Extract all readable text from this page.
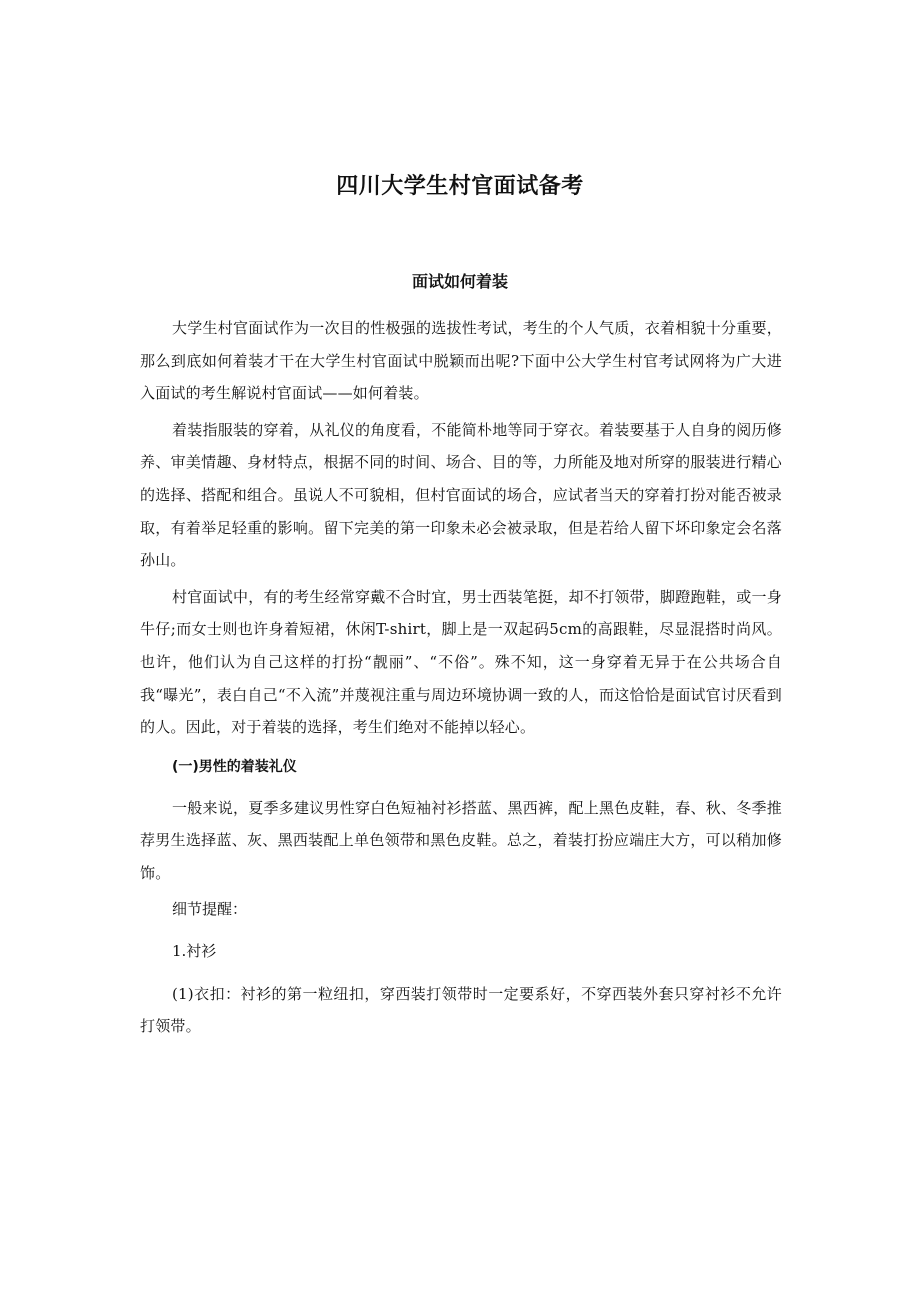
四川大学生村官面试备考
面试如何着装

大学生村官面试作为一次目的性极强的选拔性考试，考生的个人气质，衣着相貌十分重要，那么到底如何着装才干在大学生村官面试中脱颖而出呢?下面中公大学生村官考试网将为广大进入面试的考生解说村官面试——如何着装。

着装指服装的穿着，从礼仪的角度看，不能简朴地等同于穿衣。着装要基于人自身的阅历修养、审美情趣、身材特点，根据不同的时间、场合、目的等，力所能及地对所穿的服装进行精心的选择、搭配和组合。虽说人不可貌相，但村官面试的场合，应试者当天的穿着打扮对能否被录取，有着举足轻重的影响。留下完美的第一印象未必会被录取，但是若给人留下坏印象定会名落孙山。

村官面试中，有的考生经常穿戴不合时宜，男士西装笔挺，却不打领带，脚蹬跑鞋，或一身牛仔;而女士则也许身着短裙，休闲T-shirt，脚上是一双起码5cm的高跟鞋，尽显混搭时尚风。也许，他们认为自己这样的打扮“靓丽”、“不俗”。殊不知，这一身穿着无异于在公共场合自我“曝光”，表白自己“不入流”并蔑视注重与周边环境协调一致的人，而这恰恰是面试官讨厌看到的人。因此，对于着装的选择，考生们绝对不能掉以轻心。

(一)男性的着装礼仪

一般来说，夏季多建议男性穿白色短袖衬衫搭蓝、黑西裤，配上黑色皮鞋，春、秋、冬季推荐男生选择蓝、灰、黑西装配上单色领带和黑色皮鞋。总之，着装打扮应端庄大方，可以稍加修饰。

细节提醒：

1.衬衫

(1)衣扣：衬衫的第一粒纽扣，穿西装打领带时一定要系好，不穿西装外套只穿衬衫不允许打领带。
